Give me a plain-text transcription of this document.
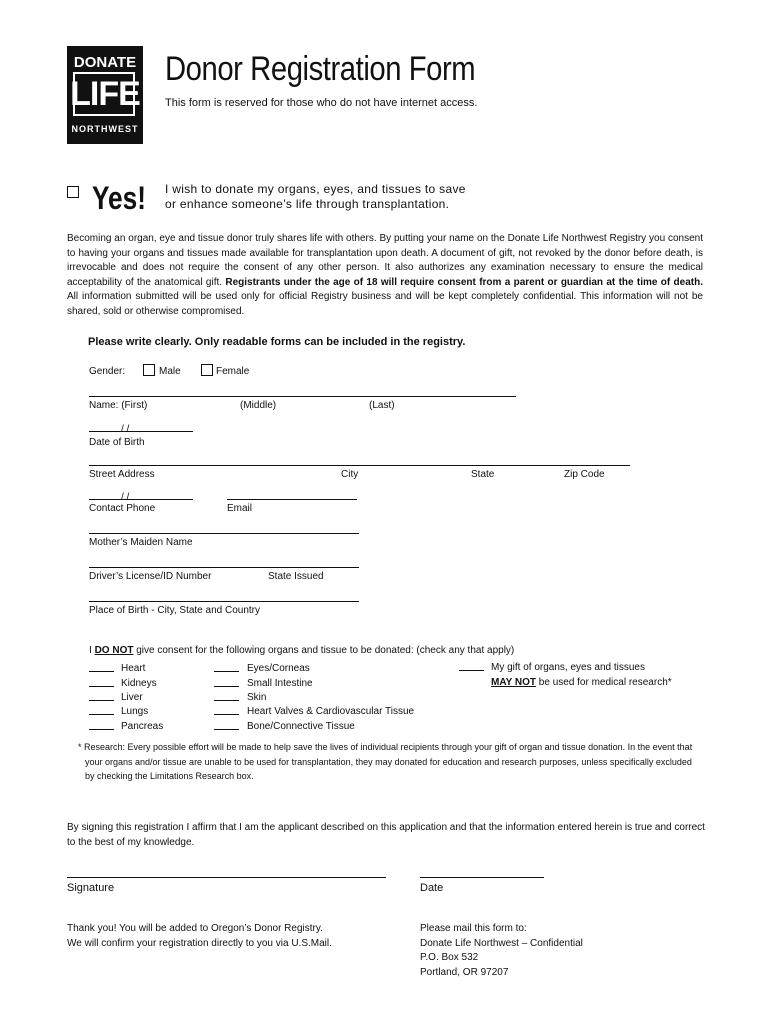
DONATE
LIFE
NORTHWEST
Donor Registration Form
This form is reserved for those who do not have internet access.
Yes! I wish to donate my organs, eyes, and tissues to save
or enhance someone’s life through transplantation.
Becoming an organ, eye and tissue donor truly shares life with others. By putting your name on the Donate Life Northwest Registry you consent to having your organs and tissues made available for transplantation upon death. A document of gift, not revoked by the donor before death, is irrevocable and does not require the consent of any other person. It also authorizes any examination necessary to ensure the medical acceptability of the anatomical gift. Registrants under the age of 18 will require consent from a parent or guardian at the time of death. All information submitted will be used only for official Registry business and will be kept completely confidential. This information will not be shared, sold or otherwise compromised.
Please write clearly. Only readable forms can be included in the registry.
Gender:	Male	Female
Name: (First)	(Middle)	(Last)
/ /
Date of Birth
Street Address	City	State	Zip Code
/ /
Contact Phone	Email
Mother’s Maiden Name
Driver’s License/ID Number	State Issued
Place of Birth - City, State and Country
I DO NOT give consent for the following organs and tissue to be donated: (check any that apply)
Heart
Kidneys
Liver
Lungs
Pancreas
Eyes/Corneas
Small Intestine
Skin
Heart Valves & Cardiovascular Tissue
Bone/Connective Tissue
My gift of organs, eyes and tissues
MAY NOT be used for medical research*
* Research: Every possible effort will be made to help save the lives of individual recipients through your gift of organ and tissue donation. In the event that your organs and/or tissue are unable to be used for transplantation, they may donated for education and research purposes, unless specifically excluded by checking the Limitations Research box.
By signing this registration I affirm that I am the applicant described on this application and that the information entered herein is true and correct to the best of my knowledge.
Signature	Date
Thank you! You will be added to Oregon’s Donor Registry.
We will confirm your registration directly to you via U.S.Mail.
Please mail this form to:
Donate Life Northwest – Confidential
P.O. Box 532
Portland, OR 97207
